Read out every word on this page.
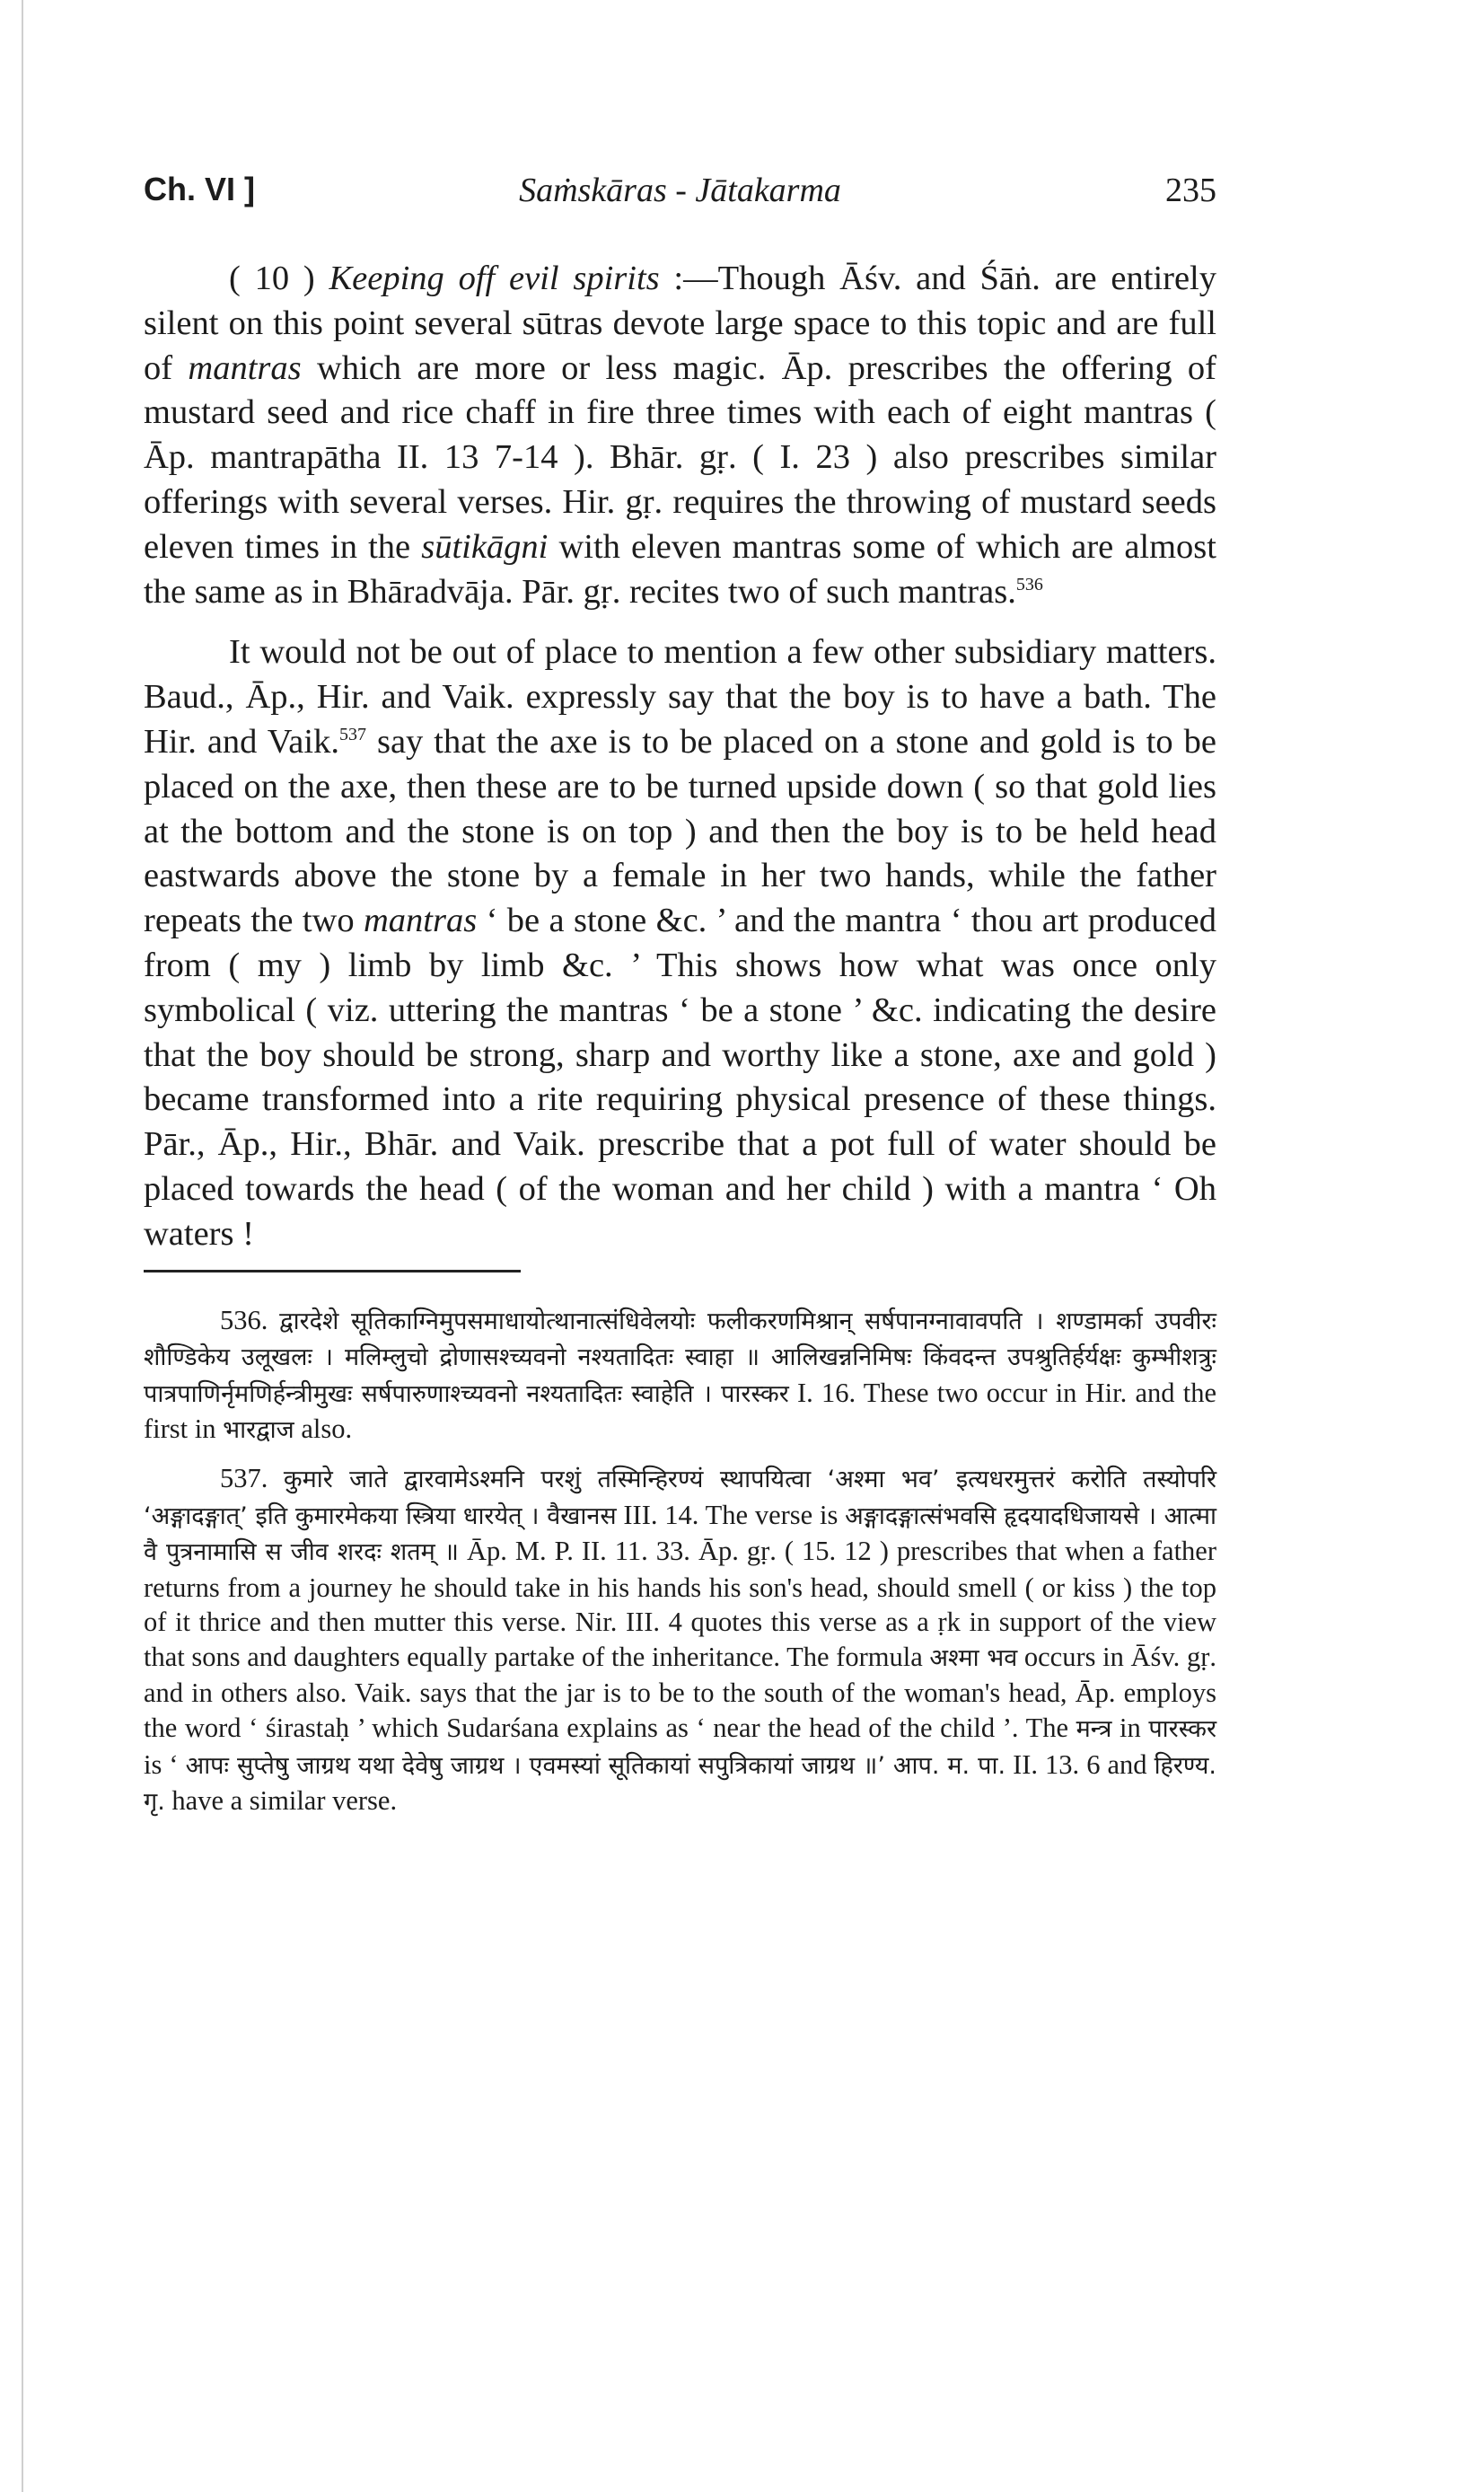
Ch. VI ]	Saṁskāras - Jātakarma	235

( 10 ) Keeping off evil spirits :—Though Āśv. and Śāṅ. are entirely silent on this point several sūtras devote large space to this topic and are full of mantras which are more or less magic. Āp. prescribes the offering of mustard seed and rice chaff in fire three times with each of eight mantras ( Āp. mantrapātha II. 13 7-14 ). Bhār. gṛ. ( I. 23 ) also prescribes similar offerings with several verses. Hir. gṛ. requires the throwing of mustard seeds eleven times in the sūtikāgni with eleven mantras some of which are almost the same as in Bhāradvāja. Pār. gṛ. recites two of such mantras.$^{536}$

It would not be out of place to mention a few other subsidiary matters. Baud., Āp., Hir. and Vaik. expressly say that the boy is to have a bath. The Hir. and Vaik.$^{537}$ say that the axe is to be placed on a stone and gold is to be placed on the axe, then these are to be turned upside down ( so that gold lies at the bottom and the stone is on top ) and then the boy is to be held head eastwards above the stone by a female in her two hands, while the father repeats the two mantras ‘ be a stone &c. ’ and the mantra ‘ thou art produced from ( my ) limb by limb &c. ’ This shows how what was once only symbolical ( viz. uttering the mantras ‘ be a stone ’ &c. indicating the desire that the boy should be strong, sharp and worthy like a stone, axe and gold ) became transformed into a rite requiring physical presence of these things. Pār., Āp., Hir., Bhār. and Vaik. prescribe that a pot full of water should be placed towards the head ( of the woman and her child ) with a mantra ‘ Oh waters !

536. द्वारदेशे सूतिकाग्निमुपसमाधायोत्थानात्संधिवेलयोः फलीकरणमिश्रान् सर्षपानग्नावावपति । शण्डामर्का उपवीरः शौण्डिकेय उलूखलः । मलिम्लुचो द्रोणासश्च्यवनो नश्यतादितः स्वाहा ॥ आलिखन्ननिमिषः किंवदन्त उपश्रुतिर्हर्यक्षः कुम्भीशत्रुः पात्रपाणिर्नृमणिर्हन्त्रीमुखः सर्षपारुणाश्च्यवनो नश्यतादितः स्वाहेति । पारस्कर I. 16. These two occur in Hir. and the first in भारद्वाज also.

537. कुमारे जाते द्वारवामेऽश्मनि परशुं तस्मिन्हिरण्यं स्थापयित्वा ‘अश्मा भव’ इत्यधरमुत्तरं करोति तस्योपरि ‘अङ्गादङ्गात्’ इति कुमारमेकया स्त्रिया धारयेत् । वैखानस III. 14. The verse is अङ्गादङ्गात्संभवसि हृदयादधिजायसे । आत्मा वै पुत्रनामासि स जीव शरदः शतम् ॥ Āp. M. P. II. 11. 33. Āp. gṛ. ( 15. 12 ) prescribes that when a father returns from a journey he should take in his hands his son's head, should smell ( or kiss ) the top of it thrice and then mutter this verse. Nir. III. 4 quotes this verse as a ṛk in support of the view that sons and daughters equally partake of the inheritance. The formula अश्मा भव occurs in Āśv. gṛ. and in others also. Vaik. says that the jar is to be to the south of the woman's head, Āp. employs the word ‘ śirastaḥ ’ which Sudarśana explains as ‘ near the head of the child ’. The मन्त्र in पारस्कर is ‘ आपः सुप्तेषु जाग्रथ यथा देवेषु जाग्रथ । एवमस्यां सूतिकायां सपुत्रिकायां जाग्रथ ॥’ आप. म. पा. II. 13. 6 and हिरण्य. गृ. have a similar verse.
